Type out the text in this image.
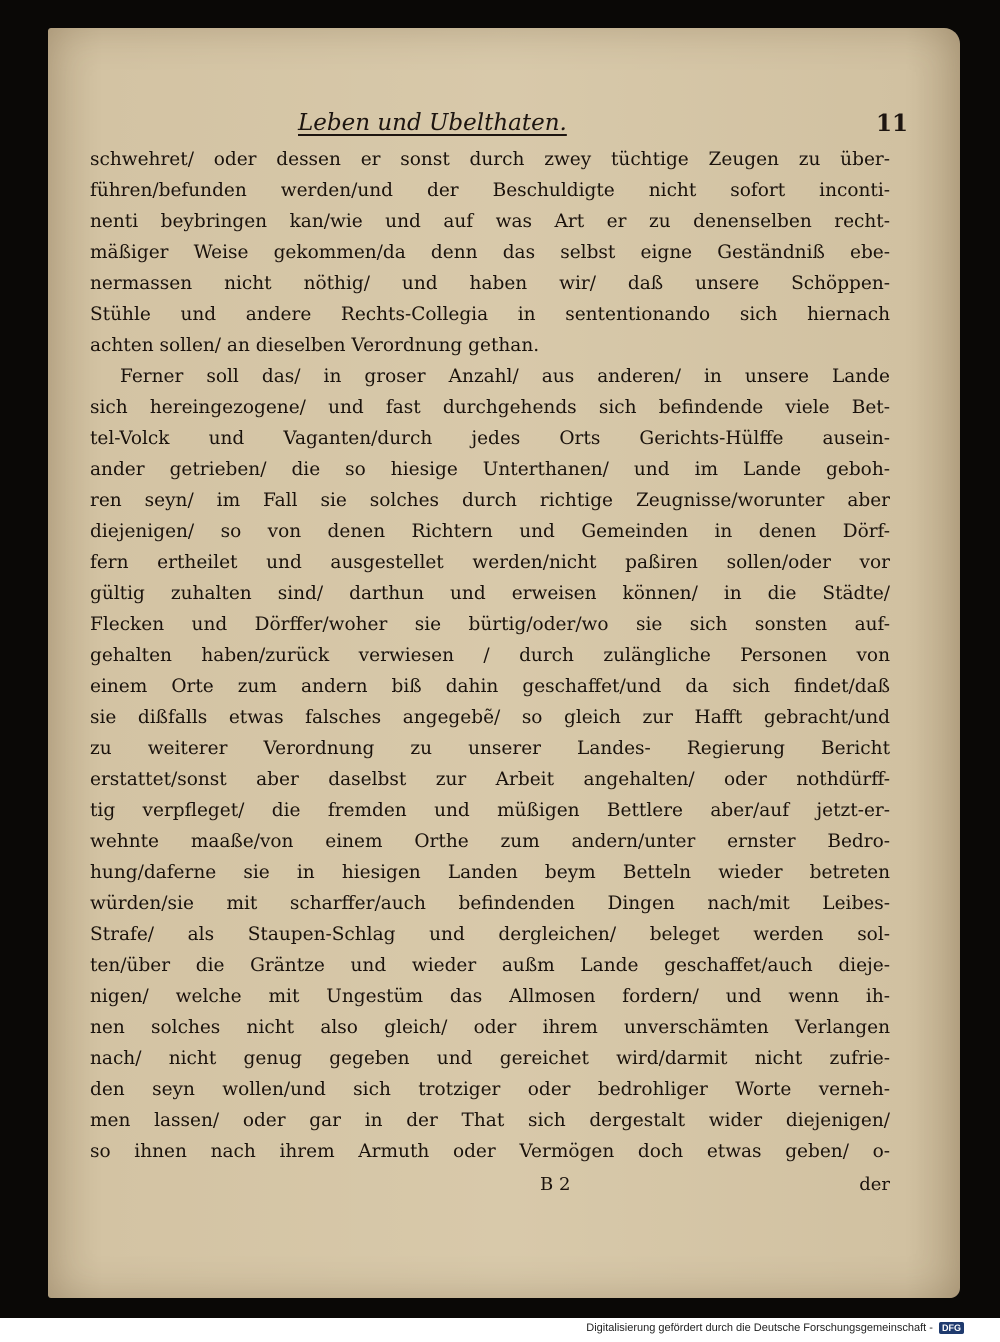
Leben und Ubelthaten.	11
schwehret/ oder dessen er sonst durch zwey tüchtige Zeugen zu über-
führen/befunden werden/und der Beschuldigte nicht sofort inconti-
nenti beybringen kan/wie und auf was Art er zu denenselben recht-
mäßiger Weise gekommen/da denn das selbst eigne Geständniß ebe-
nermassen nicht nöthig/ und haben wir/ daß unsere Schöppen-
Stühle und andere Rechts-Collegia in sententionando sich hiernach
achten sollen/ an dieselben Verordnung gethan.
Ferner soll das/ in groser Anzahl/ aus anderen/ in unsere Lande
sich hereingezogene/ und fast durchgehends sich befindende viele Bet-
tel-Volck und Vaganten/durch jedes Orts Gerichts-Hülffe ausein-
ander getrieben/ die so hiesige Unterthanen/ und im Lande geboh-
ren seyn/ im Fall sie solches durch richtige Zeugnisse/worunter aber
diejenigen/ so von denen Richtern und Gemeinden in denen Dörf-
fern ertheilet und ausgestellet werden/nicht paßiren sollen/oder vor
gültig zuhalten sind/ darthun und erweisen können/ in die Städte/
Flecken und Dörffer/woher sie bürtig/oder/wo sie sich sonsten auf-
gehalten haben/zurück verwiesen / durch zulängliche Personen von
einem Orte zum andern biß dahin geschaffet/und da sich findet/daß
sie dißfalls etwas falsches angegebẽ/ so gleich zur Hafft gebracht/und
zu weiterer Verordnung zu unserer Landes- Regierung Bericht
erstattet/sonst aber daselbst zur Arbeit angehalten/ oder nothdürff-
tig verpfleget/ die fremden und müßigen Bettlere aber/auf jetzt-er-
wehnte maaße/von einem Orthe zum andern/unter ernster Bedro-
hung/daferne sie in hiesigen Landen beym Betteln wieder betreten
würden/sie mit scharffer/auch befindenden Dingen nach/mit Leibes-
Strafe/ als Staupen-Schlag und dergleichen/ beleget werden sol-
ten/über die Gräntze und wieder außm Lande geschaffet/auch dieje-
nigen/ welche mit Ungestüm das Allmosen fordern/ und wenn ih-
nen solches nicht also gleich/ oder ihrem unverschämten Verlangen
nach/ nicht genug gegeben und gereichet wird/darmit nicht zufrie-
den seyn wollen/und sich trotziger oder bedrohliger Worte verneh-
men lassen/ oder gar in der That sich dergestalt wider diejenigen/
so ihnen nach ihrem Armuth oder Vermögen doch etwas geben/ o-
B 2	der
Digitalisierung gefördert durch die Deutsche Forschungsgemeinschaft - DFG
